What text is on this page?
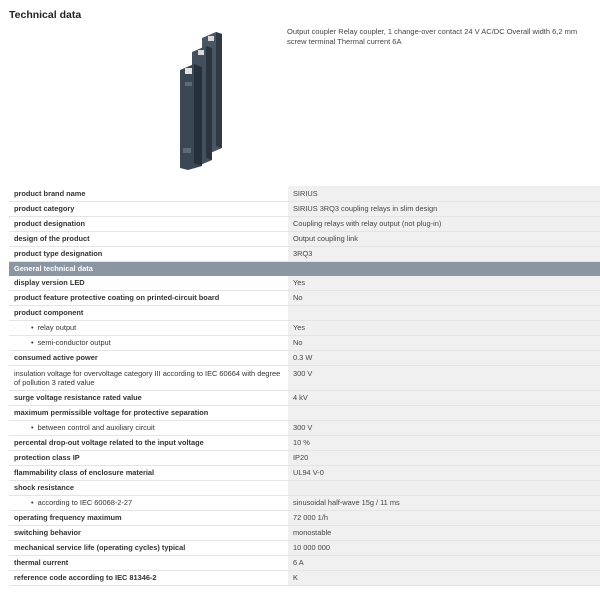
Technical data
Output coupler Relay coupler, 1 change-over contact 24 V AC/DC Overall width 6,2 mm screw terminal Thermal current 6A
product brand name	SIRIUS
product category	SIRIUS 3RQ3 coupling relays in slim design
product designation	Coupling relays with relay output (not plug-in)
design of the product	Output coupling link
product type designation	3RQ3
General technical data	
display version LED	Yes
product feature protective coating on printed-circuit board	No
product component	
• relay output	Yes
• semi-conductor output	No
consumed active power	0.3 W
insulation voltage for overvoltage category III according to IEC 60664 with degree of pollution 3 rated value	300 V
surge voltage resistance rated value	4 kV
maximum permissible voltage for protective separation	
• between control and auxiliary circuit	300 V
percental drop-out voltage related to the input voltage	10 %
protection class IP	IP20
flammability class of enclosure material	UL94 V-0
shock resistance	
• according to IEC 60068-2-27	sinusoidal half-wave 15g / 11 ms
operating frequency maximum	72 000 1/h
switching behavior	monostable
mechanical service life (operating cycles) typical	10 000 000
thermal current	6 A
reference code according to IEC 81346-2	K
